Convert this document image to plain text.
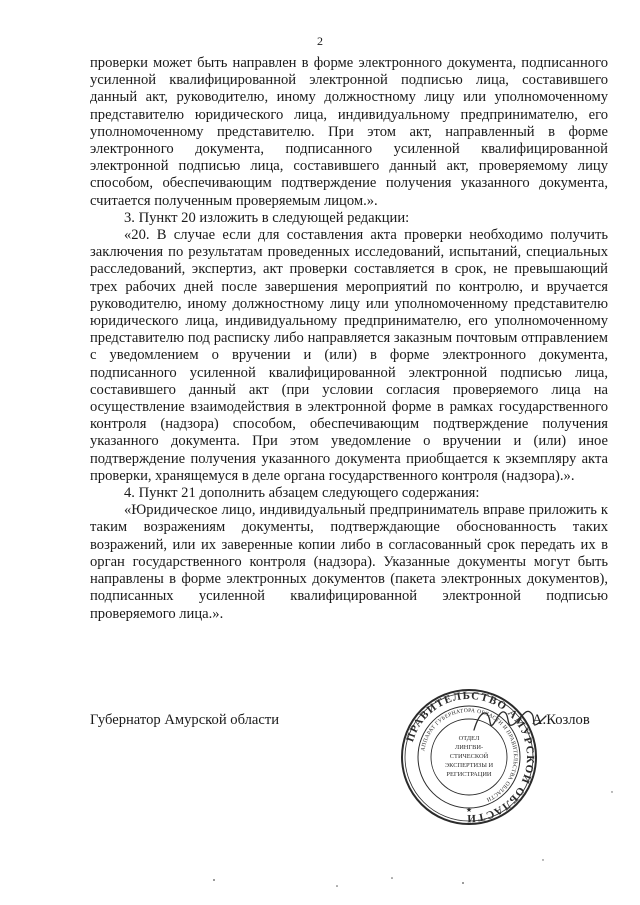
2

проверки может быть направлен в форме электронного документа, подписанного усиленной квалифицированной электронной подписью лица, составившего данный акт, руководителю, иному должностному лицу или уполномоченному представителю юридического лица, индивидуальному предпринимателю, его уполномоченному представителю. При этом акт, направленный в форме электронного документа, подписанного усиленной квалифицированной электронной подписью лица, составившего данный акт, проверяемому лицу способом, обеспечивающим подтверждение получения указанного документа, считается полученным проверяемым лицом.».

3. Пункт 20 изложить в следующей редакции:

«20. В случае если для составления акта проверки необходимо получить заключения по результатам проведенных исследований, испытаний, специальных расследований, экспертиз, акт проверки составляется в срок, не превышающий трех рабочих дней после завершения мероприятий по контролю, и вручается руководителю, иному должностному лицу или уполномоченному представителю юридического лица, индивидуальному предпринимателю, его уполномоченному представителю под расписку либо направляется заказным почтовым отправлением с уведомлением о вручении и (или) в форме электронного документа, подписанного усиленной квалифицированной электронной подписью лица, составившего данный акт (при условии согласия проверяемого лица на осуществление взаимодействия в электронной форме в рамках государственного контроля (надзора) способом, обеспечивающим подтверждение получения указанного документа. При этом уведомление о вручении и (или) иное подтверждение получения указанного документа приобщается к экземпляру акта проверки, хранящемуся в деле органа государственного контроля (надзора).».

4. Пункт 21 дополнить абзацем следующего содержания:

«Юридическое лицо, индивидуальный предприниматель вправе приложить к таким возражениям документы, подтверждающие обоснованность таких возражений, или их заверенные копии либо в согласованный срок передать их в орган государственного контроля (надзора). Указанные документы могут быть направлены в форме электронных документов (пакета электронных документов), подписанных усиленной квалифицированной электронной подписью проверяемого лица.».

Губернатор Амурской области	А.Козлов
ПРАВИТЕЛЬСТВО АМУРСКОЙ ОБЛАСТИ
АППАРАТ ГУБЕРНАТОРА ОБЛАСТИ И ПРАВИТЕЛЬСТВА ОБЛАСТИ
★
ОТДЕЛ
ЛИНГВИ-
СТИЧЕСКОЙ
ЭКСПЕРТИЗЫ И
РЕГИСТРАЦИИ
